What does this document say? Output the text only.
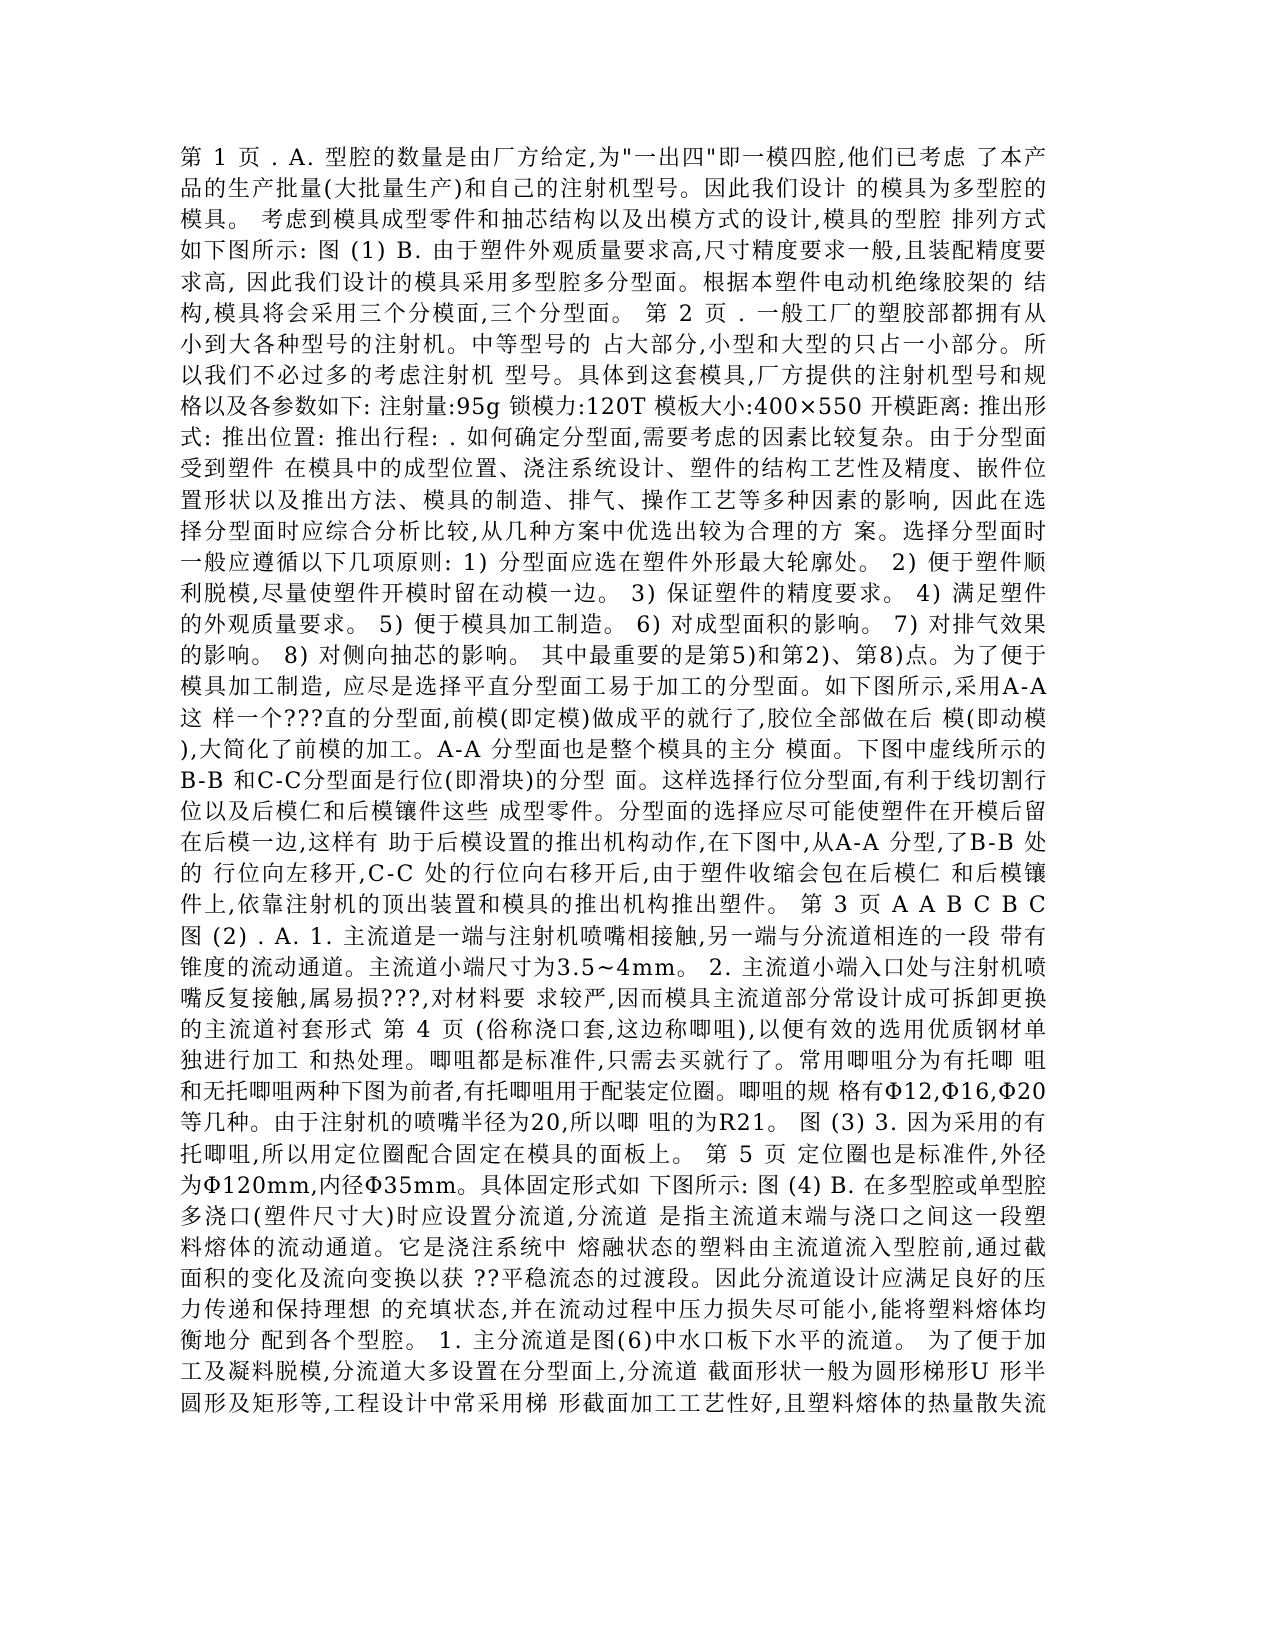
第 1 页 . A. 型腔的数量是由厂方给定,为"一出四"即一模四腔,他们已考虑 了本产
品的生产批量(大批量生产)和自己的注射机型号。因此我们设计 的模具为多型腔的
模具。 考虑到模具成型零件和抽芯结构以及出模方式的设计,模具的型腔 排列方式
如下图所示: 图 (1) B. 由于塑件外观质量要求高,尺寸精度要求一般,且装配精度要
求高, 因此我们设计的模具采用多型腔多分型面。根据本塑件电动机绝缘胶架的 结
构,模具将会采用三个分模面,三个分型面。 第 2 页 . 一般工厂的塑胶部都拥有从
小到大各种型号的注射机。中等型号的 占大部分,小型和大型的只占一小部分。所
以我们不必过多的考虑注射机 型号。具体到这套模具,厂方提供的注射机型号和规
格以及各参数如下: 注射量:95g 锁模力:120T 模板大小:400×550 开模距离: 推出形
式: 推出位置: 推出行程: . 如何确定分型面,需要考虑的因素比较复杂。由于分型面
受到塑件 在模具中的成型位置、浇注系统设计、塑件的结构工艺性及精度、嵌件位
置形状以及推出方法、模具的制造、排气、操作工艺等多种因素的影响, 因此在选
择分型面时应综合分析比较,从几种方案中优选出较为合理的方 案。选择分型面时
一般应遵循以下几项原则: 1) 分型面应选在塑件外形最大轮廓处。 2) 便于塑件顺
利脱模,尽量使塑件开模时留在动模一边。 3) 保证塑件的精度要求。 4) 满足塑件
的外观质量要求。 5) 便于模具加工制造。 6) 对成型面积的影响。 7) 对排气效果
的影响。 8) 对侧向抽芯的影响。 其中最重要的是第5)和第2)、第8)点。为了便于
模具加工制造, 应尽是选择平直分型面工易于加工的分型面。如下图所示,采用A-A
这 样一个???直的分型面,前模(即定模)做成平的就行了,胶位全部做在后 模(即动模
),大简化了前模的加工。A-A 分型面也是整个模具的主分 模面。下图中虚线所示的
B-B 和C-C分型面是行位(即滑块)的分型 面。这样选择行位分型面,有利于线切割行
位以及后模仁和后模镶件这些 成型零件。分型面的选择应尽可能使塑件在开模后留
在后模一边,这样有 助于后模设置的推出机构动作,在下图中,从A-A 分型,了B-B 处
的 行位向左移开,C-C 处的行位向右移开后,由于塑件收缩会包在后模仁 和后模镶
件上,依靠注射机的顶出装置和模具的推出机构推出塑件。 第 3 页 A A B C B C
图 (2) . A. 1. 主流道是一端与注射机喷嘴相接触,另一端与分流道相连的一段 带有
锥度的流动通道。主流道小端尺寸为3.5~4mm。 2. 主流道小端入口处与注射机喷
嘴反复接触,属易损???,对材料要 求较严,因而模具主流道部分常设计成可拆卸更换
的主流道衬套形式 第 4 页 (俗称浇口套,这边称唧咀),以便有效的选用优质钢材单
独进行加工 和热处理。唧咀都是标准件,只需去买就行了。常用唧咀分为有托唧 咀
和无托唧咀两种下图为前者,有托唧咀用于配装定位圈。唧咀的规 格有Φ12,Φ16,Φ20
等几种。由于注射机的喷嘴半径为20,所以唧 咀的为R21。 图 (3) 3. 因为采用的有
托唧咀,所以用定位圈配合固定在模具的面板上。 第 5 页 定位圈也是标准件,外径
为Φ120mm,内径Φ35mm。具体固定形式如 下图所示: 图 (4) B. 在多型腔或单型腔
多浇口(塑件尺寸大)时应设置分流道,分流道 是指主流道末端与浇口之间这一段塑
料熔体的流动通道。它是浇注系统中 熔融状态的塑料由主流道流入型腔前,通过截
面积的变化及流向变换以获 ??平稳流态的过渡段。因此分流道设计应满足良好的压
力传递和保持理想 的充填状态,并在流动过程中压力损失尽可能小,能将塑料熔体均
衡地分 配到各个型腔。 1. 主分流道是图(6)中水口板下水平的流道。 为了便于加
工及凝料脱模,分流道大多设置在分型面上,分流道 截面形状一般为圆形梯形U 形半
圆形及矩形等,工程设计中常采用梯 形截面加工工艺性好,且塑料熔体的热量散失流
